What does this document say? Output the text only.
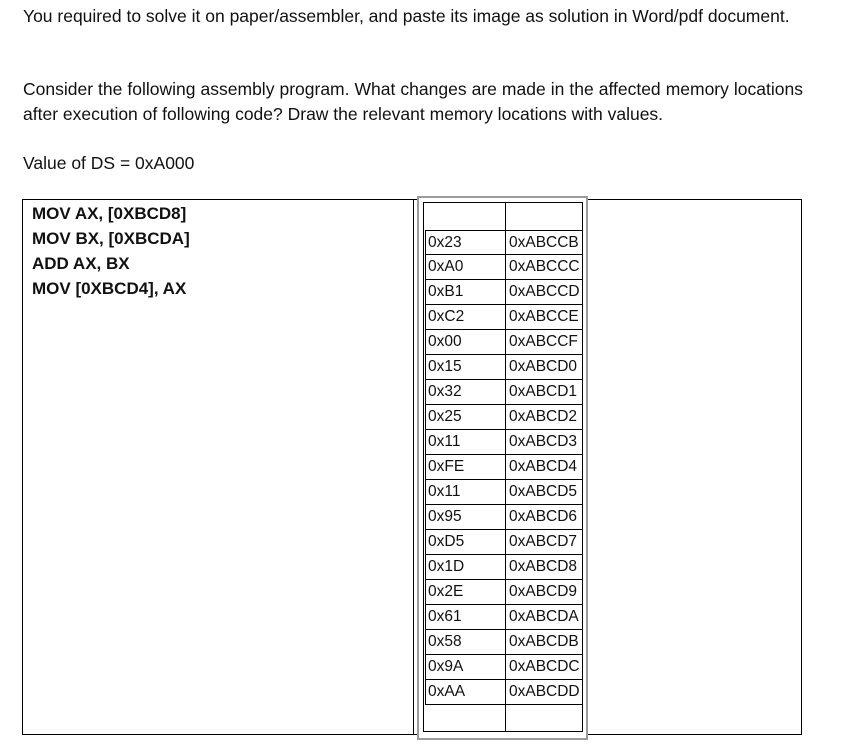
You required to solve it on paper/assembler, and paste its image as solution in Word/pdf document.

Consider the following assembly program. What changes are made in the affected memory locations after execution of following code? Draw the relevant memory locations with values.

Value of DS = 0xA000

MOV AX, [0XBCD8]
MOV BX, [0XBCDA]
ADD AX, BX
MOV [0XBCD4], AX
0x23	0xABCCB
0xA0	0xABCCC
0xB1	0xABCCD
0xC2	0xABCCE
0x00	0xABCCF
0x15	0xABCD0
0x32	0xABCD1
0x25	0xABCD2
0x11	0xABCD3
0xFE	0xABCD4
0x11	0xABCD5
0x95	0xABCD6
0xD5	0xABCD7
0x1D	0xABCD8
0x2E	0xABCD9
0x61	0xABCDA
0x58	0xABCDB
0x9A	0xABCDC
0xAA	0xABCDD
